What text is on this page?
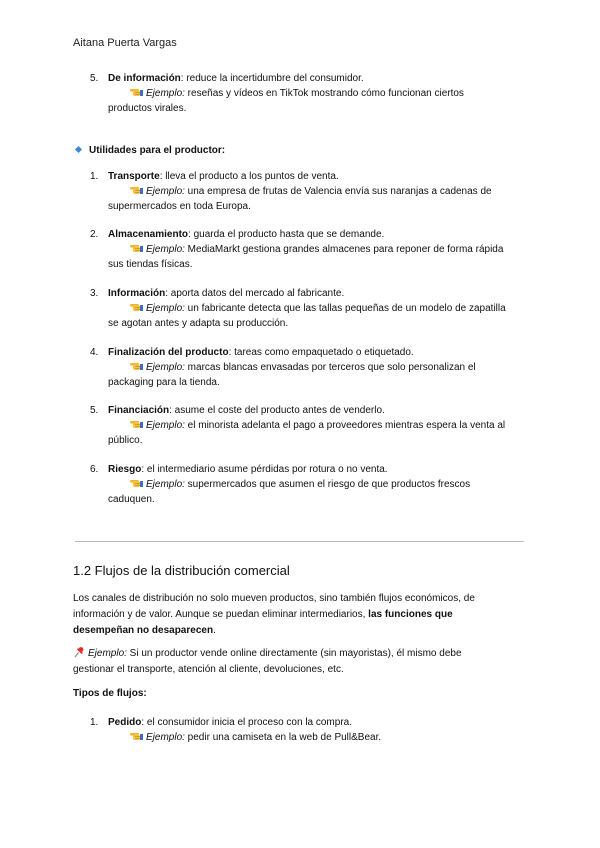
Aitana Puerta Vargas
5. De información: reduce la incertidumbre del consumidor.
Ejemplo: reseñas y vídeos en TikTok mostrando cómo funcionan ciertos
productos virales.
Utilidades para el productor:
1. Transporte: lleva el producto a los puntos de venta.
Ejemplo: una empresa de frutas de Valencia envía sus naranjas a cadenas de
supermercados en toda Europa.
2. Almacenamiento: guarda el producto hasta que se demande.
Ejemplo: MediaMarkt gestiona grandes almacenes para reponer de forma rápida
sus tiendas físicas.
3. Información: aporta datos del mercado al fabricante.
Ejemplo: un fabricante detecta que las tallas pequeñas de un modelo de zapatilla
se agotan antes y adapta su producción.
4. Finalización del producto: tareas como empaquetado o etiquetado.
Ejemplo: marcas blancas envasadas por terceros que solo personalizan el
packaging para la tienda.
5. Financiación: asume el coste del producto antes de venderlo.
Ejemplo: el minorista adelanta el pago a proveedores mientras espera la venta al
público.
6. Riesgo: el intermediario asume pérdidas por rotura o no venta.
Ejemplo: supermercados que asumen el riesgo de que productos frescos
caduquen.
1.2 Flujos de la distribución comercial
Los canales de distribución no solo mueven productos, sino también flujos económicos, de
información y de valor. Aunque se puedan eliminar intermediarios, las funciones que
desempeñan no desaparecen.
Ejemplo: Si un productor vende online directamente (sin mayoristas), él mismo debe
gestionar el transporte, atención al cliente, devoluciones, etc.
Tipos de flujos:
1. Pedido: el consumidor inicia el proceso con la compra.
Ejemplo: pedir una camiseta en la web de Pull&Bear.
